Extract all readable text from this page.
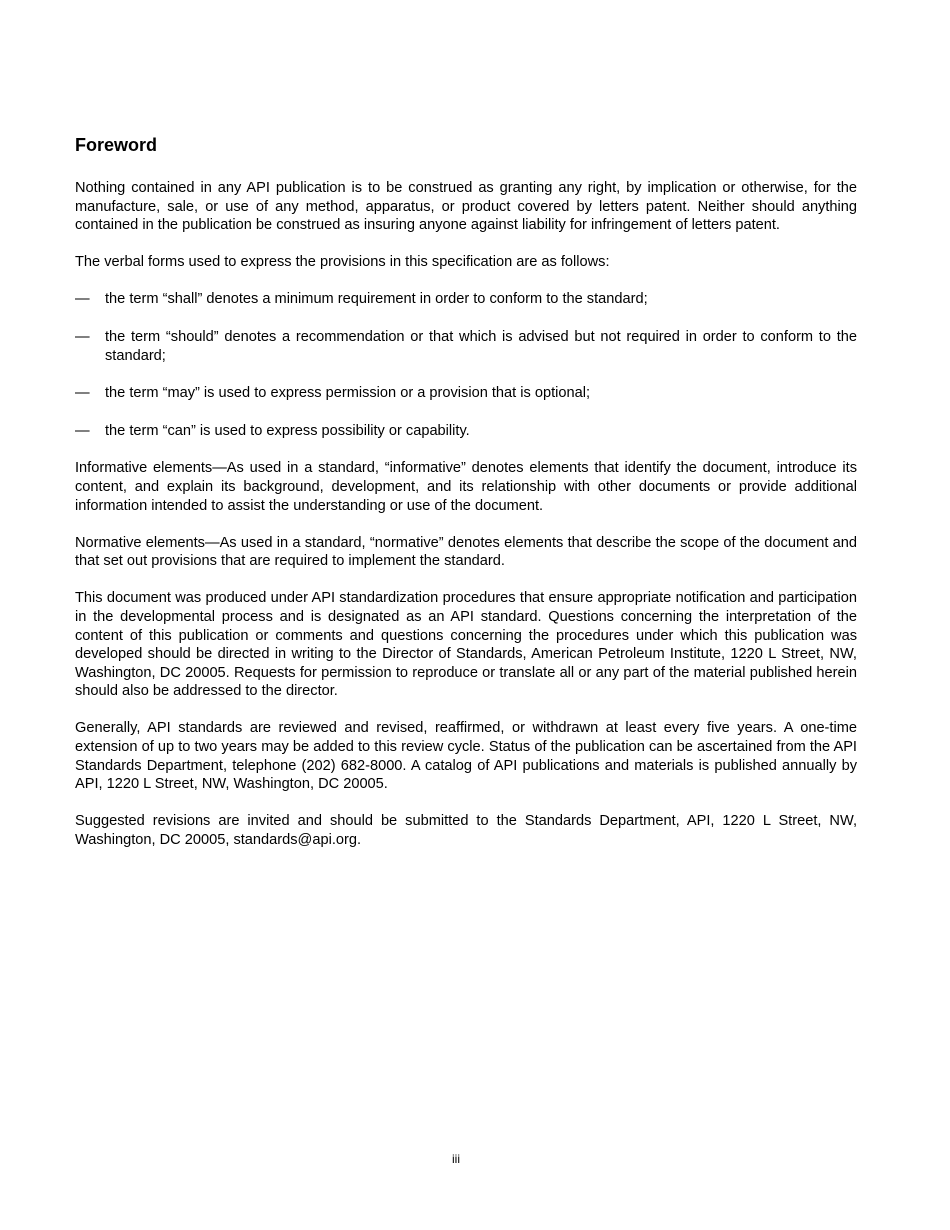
Foreword

Nothing contained in any API publication is to be construed as granting any right, by implication or otherwise, for the manufacture, sale, or use of any method, apparatus, or product covered by letters patent. Neither should anything contained in the publication be construed as insuring anyone against liability for infringement of letters patent.

The verbal forms used to express the provisions in this specification are as follows:

— the term “shall” denotes a minimum requirement in order to conform to the standard;
— the term “should” denotes a recommendation or that which is advised but not required in order to conform to the standard;
— the term “may” is used to express permission or a provision that is optional;
— the term “can” is used to express possibility or capability.

Informative elements—As used in a standard, “informative” denotes elements that identify the document, introduce its content, and explain its background, development, and its relationship with other documents or provide additional information intended to assist the understanding or use of the document.

Normative elements—As used in a standard, “normative” denotes elements that describe the scope of the document and that set out provisions that are required to implement the standard.

This document was produced under API standardization procedures that ensure appropriate notification and participation in the developmental process and is designated as an API standard. Questions concerning the interpretation of the content of this publication or comments and questions concerning the procedures under which this publication was developed should be directed in writing to the Director of Standards, American Petroleum Institute, 1220 L Street, NW, Washington, DC 20005. Requests for permission to reproduce or translate all or any part of the material published herein should also be addressed to the director.

Generally, API standards are reviewed and revised, reaffirmed, or withdrawn at least every five years. A one-time extension of up to two years may be added to this review cycle. Status of the publication can be ascertained from the API Standards Department, telephone (202) 682-8000. A catalog of API publications and materials is published annually by API, 1220 L Street, NW, Washington, DC 20005.

Suggested revisions are invited and should be submitted to the Standards Department, API, 1220 L Street, NW, Washington, DC 20005, standards@api.org.

iii
